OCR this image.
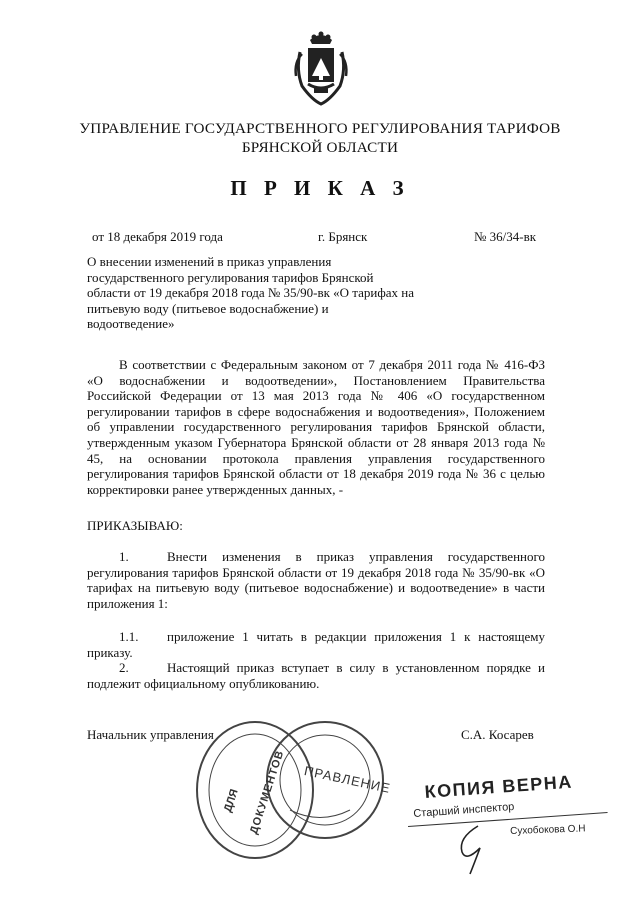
УПРАВЛЕНИЕ ГОСУДАРСТВЕННОГО РЕГУЛИРОВАНИЯ ТАРИФОВ
БРЯНСКОЙ ОБЛАСТИ
П Р И К А З
от 18 декабря 2019 года	г. Брянск	№ 36/34-вк
О внесении изменений в приказ управления государственного регулирования тарифов Брянской области от 19 декабря 2018 года № 35/90-вк «О тарифах на питьевую воду (питьевое водоснабжение) и водоотведение»
В соответствии с Федеральным законом от 7 декабря 2011 года № 416-ФЗ «О водоснабжении и водоотведении», Постановлением Правительства Российской Федерации от 13 мая 2013 года № 406 «О государственном регулировании тарифов в сфере водоснабжения и водоотведения», Положением об управлении государственного регулирования тарифов Брянской области, утвержденным указом Губернатора Брянской области от 28 января 2013 года № 45, на основании протокола правления управления государственного регулирования тарифов Брянской области от 18 декабря 2019 года № 36 с целью корректировки ранее утвержденных данных, -
ПРИКАЗЫВАЮ:
1.	Внести изменения в приказ управления государственного регулирования тарифов Брянской области от 19 декабря 2018 года № 35/90-вк «О тарифах на питьевую воду (питьевое водоснабжение) и водоотведение» в части приложения 1:
1.1. приложение 1 читать в редакции приложения 1 к настоящему приказу.
2.	Настоящий приказ вступает в силу в установленном порядке и подлежит официальному опубликованию.
Начальник управления	С.А. Косарев
ПРАВЛЕНИЕ
ДЛЯ ДОКУМЕНТОВ	КОПИЯ ВЕРНА
Старший инспектор
Сухобокова О.Н
